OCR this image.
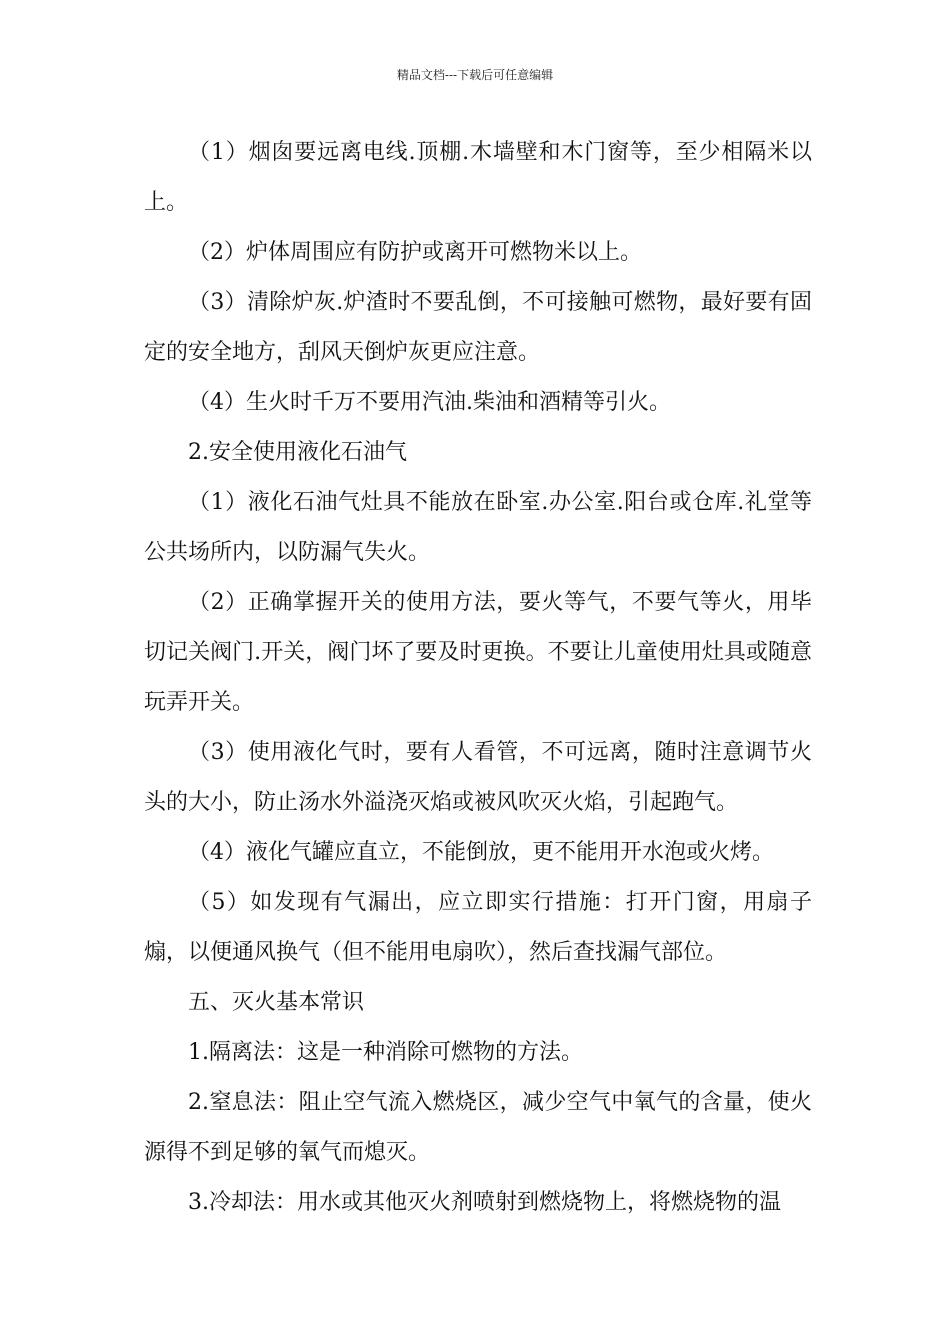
精品文档---下载后可任意编辑

（1）烟囱要远离电线.顶棚.木墙壁和木门窗等，至少相隔米以上。

（2）炉体周围应有防护或离开可燃物米以上。

（3）清除炉灰.炉渣时不要乱倒，不可接触可燃物，最好要有固定的安全地方，刮风天倒炉灰更应注意。

（4）生火时千万不要用汽油.柴油和酒精等引火。

2.安全使用液化石油气

（1）液化石油气灶具不能放在卧室.办公室.阳台或仓库.礼堂等公共场所内，以防漏气失火。

（2）正确掌握开关的使用方法，要火等气，不要气等火，用毕切记关阀门.开关，阀门坏了要及时更换。不要让儿童使用灶具或随意玩弄开关。

（3）使用液化气时，要有人看管，不可远离，随时注意调节火头的大小，防止汤水外溢浇灭焰或被风吹灭火焰，引起跑气。

（4）液化气罐应直立，不能倒放，更不能用开水泡或火烤。

（5）如发现有气漏出，应立即实行措施：打开门窗，用扇子煽，以便通风换气（但不能用电扇吹），然后查找漏气部位。

五、灭火基本常识

1.隔离法：这是一种消除可燃物的方法。

2.窒息法：阻止空气流入燃烧区，减少空气中氧气的含量，使火源得不到足够的氧气而熄灭。

3.冷却法：用水或其他灭火剂喷射到燃烧物上，将燃烧物的温
